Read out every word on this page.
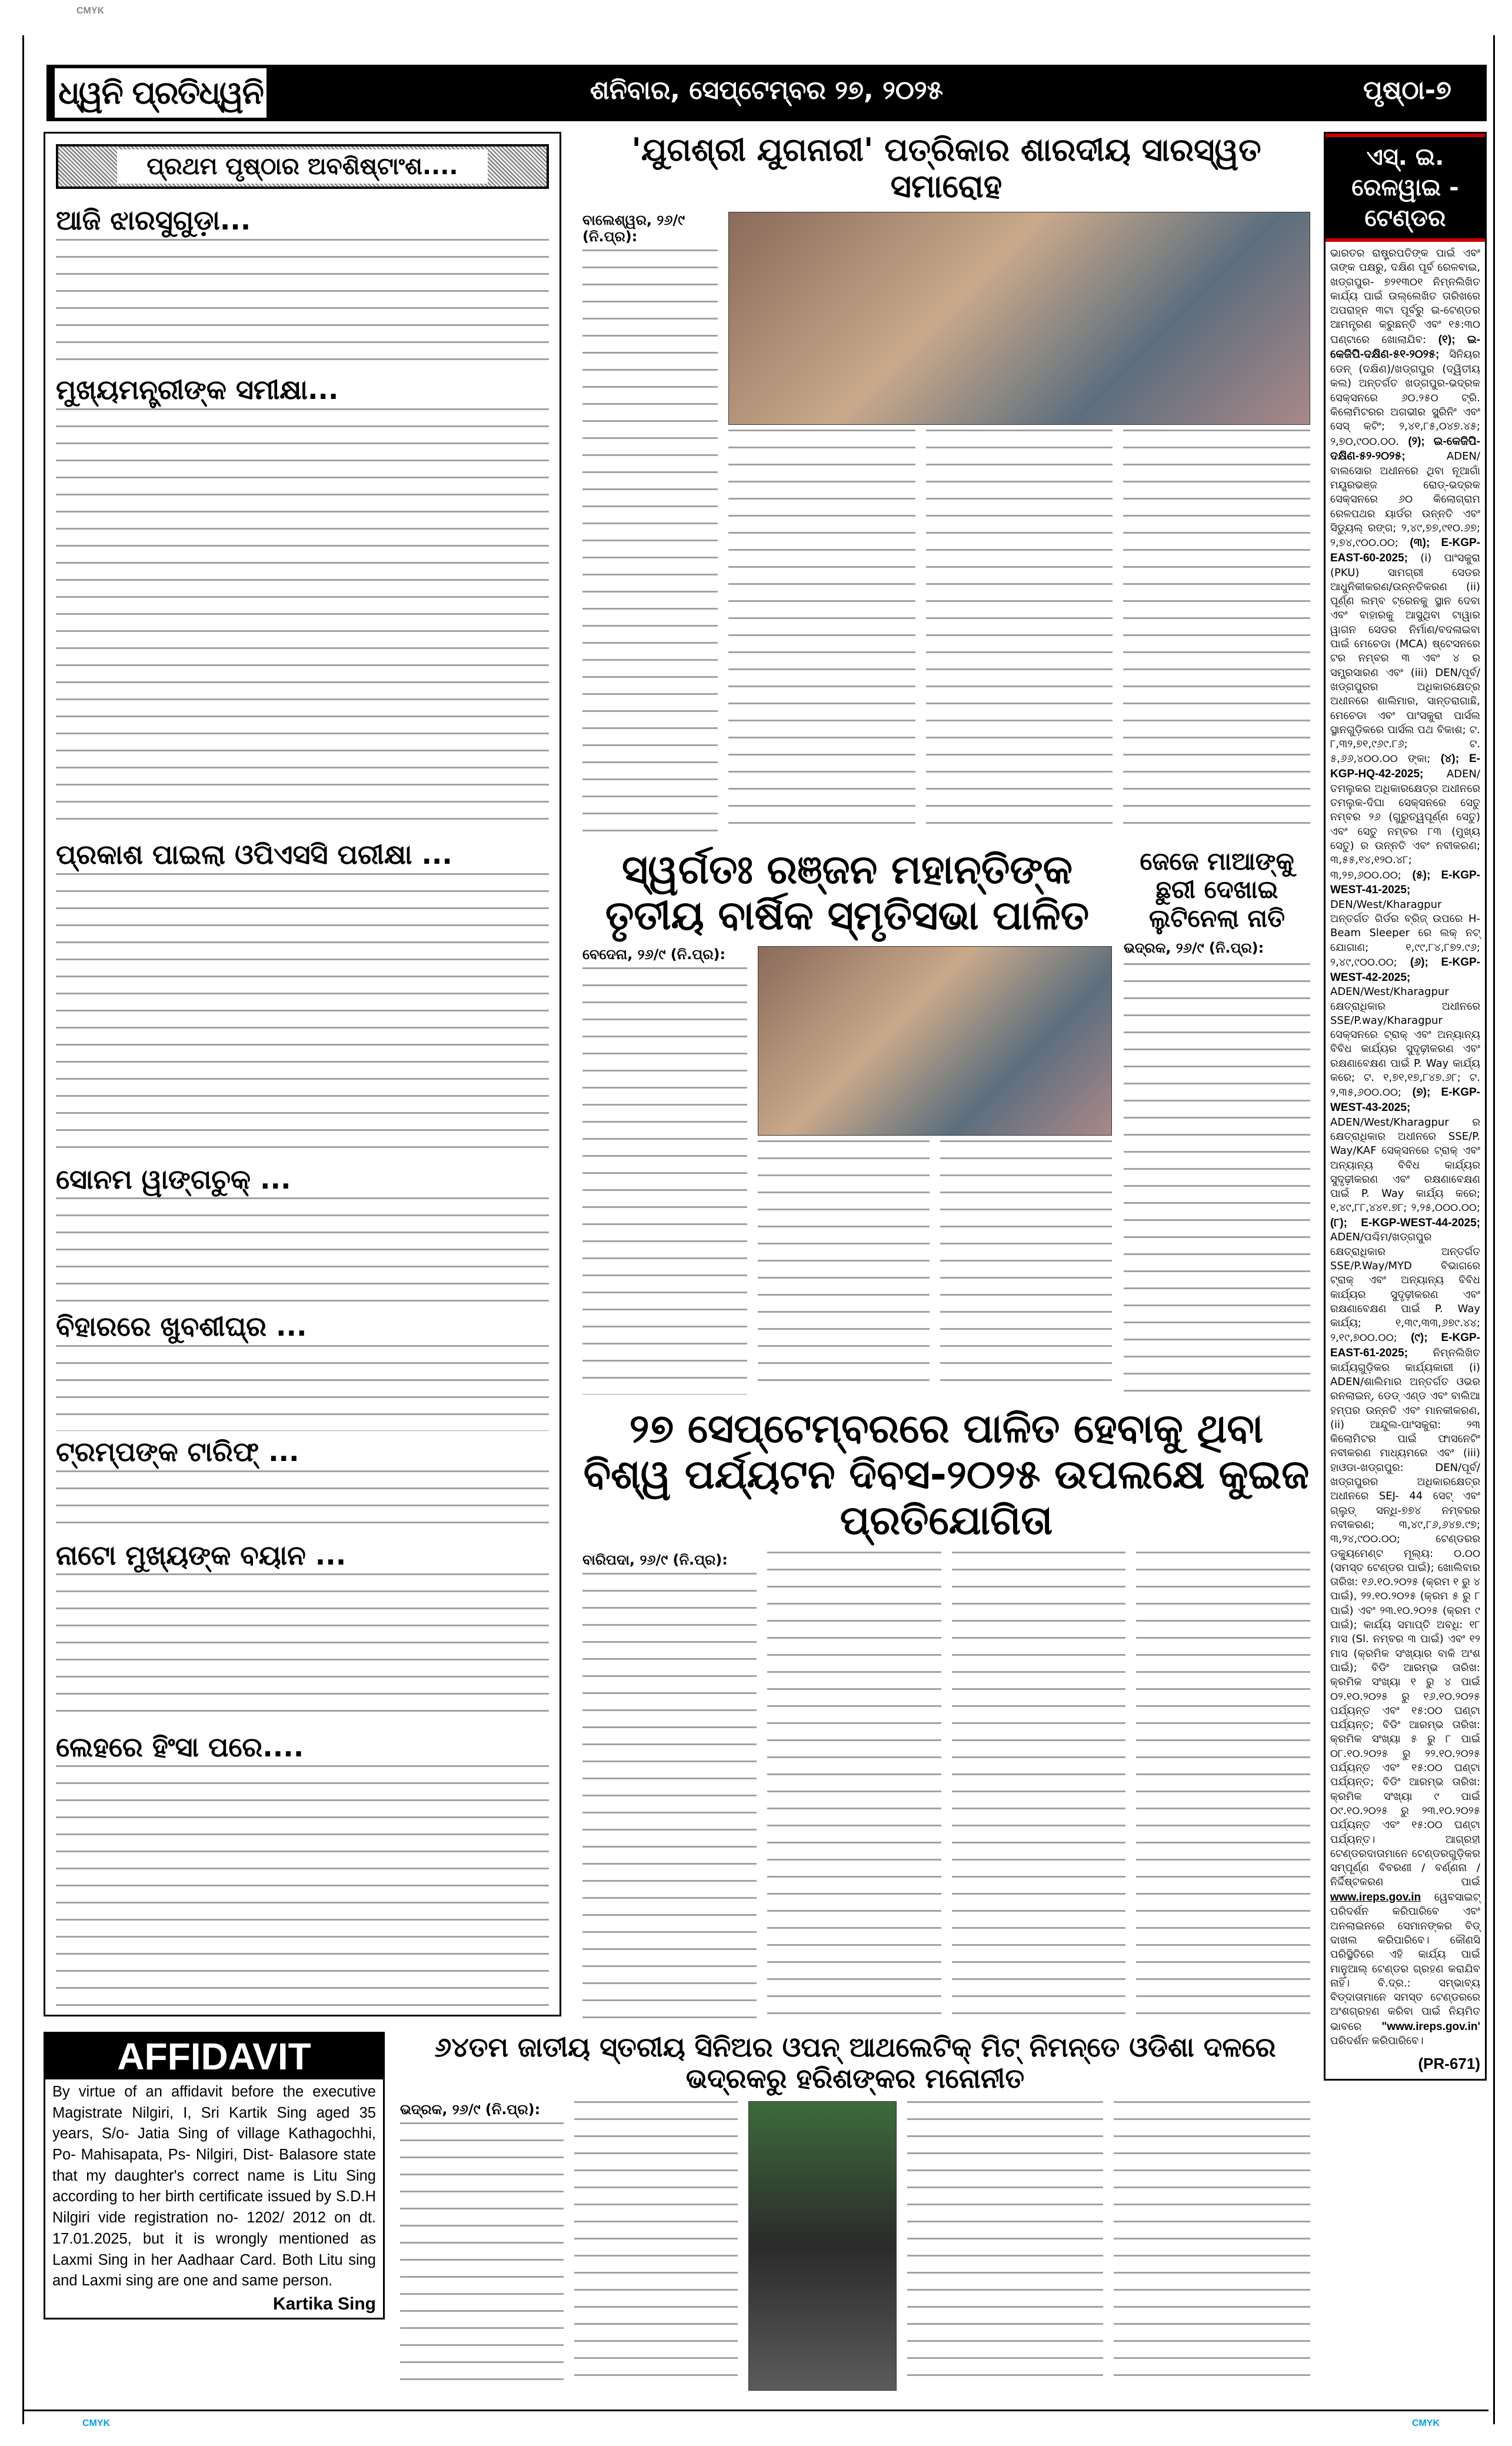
CMYK
CMYK	CMYK
ଧ୍ୱନି ପ୍ରତିଧ୍ୱନି	ଶନିବାର, ସେପ୍ଟେମ୍ବର ୨୭, ୨୦୨୫	ପୃଷ୍ଠା-୭
ପ୍ରଥମ ପୃଷ୍ଠାର ଅବଶିଷ୍ଟାଂଶ....
ଆଜି ଝାରସୁଗୁଡ଼ା...
ମୁଖ୍ୟମନ୍ତ୍ରୀଙ୍କ ସମୀକ୍ଷା...
ପ୍ରକାଶ ପାଇଲା ଓପିଏସସି ପରୀକ୍ଷା ...
ସୋନମ ୱାଙ୍ଗଚୁକ୍ ...
ବିହାରରେ ଖୁବଶୀଘ୍ର ...
ଟ୍ରମ୍ପଙ୍କ ଟାରିଫ୍ ...
ନାଟୋ ମୁଖ୍ୟଙ୍କ ବୟାନ ...
ଲେହରେ ହିଂସା ପରେ....
'ଯୁଗଶ୍ରୀ ଯୁଗନାରୀ' ପତ୍ରିକାର ଶାରଦୀୟ ସାରସ୍ୱତ ସମାରୋହ
ବାଲେଶ୍ୱର, ୨୬/୯ (ନି.ପ୍ର):
ସ୍ୱର୍ଗତଃ ରଞ୍ଜନ ମହାନ୍ତିଙ୍କ ତୃତୀୟ ବାର୍ଷିକ ସ୍ମୃତିସଭା ପାଳିତ
ବେଦେନା, ୨୬/୯ (ନି.ପ୍ର):
ଜେଜେ ମାଆଙ୍କୁ ଛୁରୀ ଦେଖାଇ ଲୁଟିନେଲା ନାତି
ଭଦ୍ରକ, ୨୬/୯ (ନି.ପ୍ର):
୨୭ ସେପ୍ଟେମ୍ବରରେ ପାଳିତ ହେବାକୁ ଥିବା ବିଶ୍ୱ ପର୍ଯ୍ୟଟନ ଦିବସ-୨୦୨୫ ଉପଲକ୍ଷେ କୁଇଜ ପ୍ରତିଯୋଗିତା
ବାରିପଦା, ୨୬/୯ (ନି.ପ୍ର):
AFFIDAVIT
By virtue of an affidavit before the executive Magistrate Nilgiri, I, Sri Kartik Sing aged 35 years, S/o- Jatia Sing of village Kathagochhi, Po- Mahisapata, Ps- Nilgiri, Dist- Balasore state that my daughter's correct name is Litu Sing according to her birth certificate issued by S.D.H Nilgiri vide registration no- 1202/ 2012 on dt. 17.01.2025, but it is wrongly mentioned as Laxmi Sing in her Aadhaar Card. Both Litu sing and Laxmi sing are one and same person.
Kartika Sing
୬୪ତମ ଜାତୀୟ ସ୍ତରୀୟ ସିନିଅର ଓପନ୍ ଆଥଲେଟିକ୍ ମିଟ୍ ନିମନ୍ତେ ଓଡିଶା ଦଳରେ ଭଦ୍ରକରୁ ହରିଶଙ୍କର ମନୋନୀତ
ଭଦ୍ରକ, ୨୬/୯ (ନି.ପ୍ର):
ଏସ୍. ଇ. ରେଳୱାଇ - ଟେଣ୍ଡର
ଭାରତର ରାଷ୍ଟ୍ରପତିଙ୍କ ପାଇଁ ଏବଂ ତାଙ୍କ ପକ୍ଷରୁ, ଦକ୍ଷିଣ ପୂର୍ବ ରେଳବାଇ, ଖଡ୍ଗପୁର- ୭୨୧୩୦୧ ନିମ୍ନଲିଖିତ କାର୍ଯ୍ୟ ପାଇଁ ଉଲ୍ଲେଖିତ ତାରିଖରେ ଅପରାହ୍ନ ୩ଟା ପୂର୍ବରୁ ଇ-ଟେଣ୍ଡର ଆମନ୍ତ୍ରଣ କରୁଛନ୍ତି ଏବଂ ୧୫:୩୦ ଘଣ୍ଟାରେ ଖୋଲାଯିବ: (୧); ଇ-କେଜିପି-ଦକ୍ଷିଣ-୫୧-୨୦୨୫; ସିନିୟର ଡେନ୍ (ଦକ୍ଷିଣ)/ଖଡ୍ଗପୁର (ଦ୍ୱିତୀୟ କଲ) ଅନ୍ତର୍ଗତ ଖଡ୍ଗପୁର-ଭଦ୍ରକ ସେକ୍ସନରେ ୬୦.୨୫୦ ଟ୍ରି. କିଲୋମିଟରର ଅଗଭୀର ସ୍କ୍ରିନିଂ ଏବଂ ସେସ୍ କଟିଂ; ୨,୪୧,୮୫,୦୪୭.୪୫; ୨,୭୦,୯୦୦.୦୦. (୨); ଇ-କେଜିପି-ଦକ୍ଷିଣ-୫୨-୨୦୨୫;	ADEN/ବାଲସୋର ଅଧୀନରେ ଥିବା ନୂଆଗାଁ ମୟୂରଭଞ୍ଜ ରୋଡ୍-ଭଦ୍ରକ ସେକ୍ସନରେ ୬୦ କିଲୋଗ୍ରାମ ରେଳପଥର ୟାର୍ଡର ଉନ୍ନତି ଏବଂ ସିଡ୍ୟୁଲ୍ ରଙ୍ଗ; ୨,୪୯,୭୭,୯୧୦.୬୭; ୨,୭୪,୯୦୦.୦୦; (୩); E-KGP-EAST-60-2025; (i) ପାଂସକୁରା (PKU) ସାମଗ୍ରୀ ସେଡର ଆଧୁନିକୀକରଣ/ଉନ୍ନତିକରଣ (ii) ପୂର୍ଣ୍ଣ ଲମ୍ବ ଟ୍ରେନକୁ ସ୍ଥାନ ଦେବା ଏବଂ ବାହାରକୁ ଆସୁଥିବା ଟାୱାର ୱାଗନ ସେଡର ନିର୍ମାଣ/ବଦଳାଇବା ପାଇଁ ମେଚେଡା (MCA) ଷ୍ଟେସନରେ ଟର ନମ୍ବର ୩ ଏବଂ ୪ ର ସମ୍ପ୍ରସାରଣ ଏବଂ (iii) DEN/ପୂର୍ବ/ଖଡ୍ଗପୁରର ଅଧିକାରକ୍ଷେତ୍ର ଅଧୀନରେ ଶାଲିମାର, ସାନ୍ତରାଗାଛି, ମେଚେଡା ଏବଂ ପାଂସକୁରା ପାର୍ସଲ ସ୍ଥାନଗୁଡ଼ିକରେ ପାର୍ସଲ ପଥ ବିକାଶ; ଟ. ୮,୩୨,୭୧,୯୬୯.୮୬; ଟ. ୫,୬୬,୪୦୦.୦୦ ଙ୍କା; (୪); E-KGP-HQ-42-2025; ADEN/ତମଲୁକର ଅଧିକାରକ୍ଷେତ୍ର ଅଧୀନରେ ତମଲୁକ-ଦିଘା ସେକ୍ସନରେ ସେତୁ ନମ୍ବର ୨୬ (ଗୁରୁତ୍ୱପୂର୍ଣ୍ଣ ସେତୁ) ଏବଂ ସେତୁ ନମ୍ବର ୮୩ (ମୁଖ୍ୟ ସେତୁ) ର ଉନ୍ନତି ଏବଂ ନବୀକରଣ; ୩,୫୫,୧୪,୧୨୦.୪୮; ୩,୨୭,୬୦୦.୦୦; (୫); E-KGP-WEST-41-2025; DEN/West/Kharagpur ଅନ୍ତର୍ଗତ ଗିର୍ଡର ବ୍ରିଜ୍ ଉପରେ H-Beam Sleeper ରେ ଲକ୍ ନଟ୍ ଯୋଗାଣ; ୧,୯୯,୮୪,୮୭୨.୯୬; ୨,୪୯,୯୦୦.୦୦; (୬); E-KGP-WEST-42-2025; ADEN/West/Kharagpur କ୍ଷେତ୍ରାଧିକାର ଅଧୀନରେ SSE/P.way/Kharagpur ସେକ୍ସନରେ ଟ୍ରାକ୍ ଏବଂ ଅନ୍ୟାନ୍ୟ ବିବିଧ କାର୍ଯ୍ୟର ସୁଦୃଢ଼ୀକରଣ ଏବଂ ରକ୍ଷଣାବେକ୍ଷଣ ପାଇଁ P. Way କାର୍ଯ୍ୟ କରେ; ଟ. ୧,୭୧,୧୭,୮୪୭.୬୮; ଟ. ୨,୩୫,୬୦୦.୦୦; (୭); E-KGP-WEST-43-2025; ADEN/West/Kharagpur ର କ୍ଷେତ୍ରାଧିକାର ଅଧୀନରେ SSE/P. Way/KAF ସେକ୍ସନରେ ଟ୍ରାକ୍ ଏବଂ ଅନ୍ୟାନ୍ୟ ବିବିଧ କାର୍ଯ୍ୟର ସୁଦୃଢ଼ୀକରଣ ଏବଂ ରକ୍ଷଣାବେକ୍ଷଣ ପାଇଁ P. Way କାର୍ଯ୍ୟ କରେ; ୧,୪୯,୮୮,୪୪୧.୭୮; ୨,୨୫,୦୦୦.୦୦; (୮); E-KGP-WEST-44-2025; ADEN/ପଶ୍ଚିମ/ଖଡ୍ଗପୁର କ୍ଷେତ୍ରାଧିକାର ଅନ୍ତର୍ଗତ SSE/P.Way/MYD ବିଭାଗରେ ଟ୍ରାକ୍ ଏବଂ ଅନ୍ୟାନ୍ୟ ବିବିଧ କାର୍ଯ୍ୟର ସୁଦୃଢ଼ୀକରଣ ଏବଂ ରକ୍ଷଣାବେକ୍ଷଣ ପାଇଁ P. Way କାର୍ଯ୍ୟ; ୧,୩୯,୩୩,୬୭୯.୪୪; ୨,୧୯,୭୦୦.୦୦; (୯); E-KGP-EAST-61-2025; ନିମ୍ନଲିଖିତ କାର୍ଯ୍ୟଗୁଡ଼ିକର କାର୍ଯ୍ୟକାରୀ (i) ADEN/ଶାଲିମାର ଅନ୍ତର୍ଗତ ଓଭର ରନଲାଇନ୍, ଡେଡ୍ ଏଣ୍ଡ ଏବଂ ବାଲିଆ ହମ୍ପର ଉନ୍ନତି ଏବଂ ମାନକୀକରଣ, (ii) ଆନ୍ଦୁଲ-ପାଂସକୁରା: ୨୩ କିଲୋମିଟର ପାଇଁ ଫାସନେଟିଂ ନବୀକରଣ ମାଧ୍ୟମରେ ଏବଂ (iii) ହାଓଡା-ଖଡ୍ଗପୁର: DEN/ପୂର୍ବ/ଖଡ୍ଗପୁରର ଅଧିକାରକ୍ଷେତ୍ର ଅଧୀନରେ SEJ- 44 ସେଟ୍ ଏବଂ ଗ୍ଲୁଡ୍ ସନ୍ଧି-୭୭୪ ନମ୍ବରର ନବୀକରଣ; ୩,୪୯,୮୬,୬୪୭.୯୭; ୩,୨୪,୯୦୦.୦୦;	ଟେଣ୍ଡରର ଡକ୍ୟୁମେଣ୍ଟ ମୂଲ୍ୟ: ୦.୦୦ (ସମସ୍ତ ଟେଣ୍ଡର ପାଇଁ); ଖୋଲିବାର ତାରିଖ: ୧୬.୧୦.୨୦୨୫ (କ୍ରମ ୧ ରୁ ୪ ପାଇଁ), ୨୨.୧୦.୨୦୨୫ (କ୍ରମ ୫ ରୁ ୮ ପାଇଁ) ଏବଂ ୨୩.୧୦.୨୦୨୫ (କ୍ରମ ୯ ପାଇଁ); କାର୍ଯ୍ୟ ସମାପ୍ତି ଅବଧି: ୧୮ ମାସ (Sl. ନମ୍ବର ୩ ପାଇଁ) ଏବଂ ୧୨ ମାସ (କ୍ରମିକ ସଂଖ୍ୟାର ବାକି ଅଂଶ ପାଇଁ); ବିଡିଂ ଆରମ୍ଭ ତାରିଖ: କ୍ରମିକ ସଂଖ୍ୟା ୧ ରୁ ୪ ପାଇଁ ୦୨.୧୦.୨୦୨୫ ରୁ ୧୬.୧୦.୨୦୨୫ ପର୍ଯ୍ୟନ୍ତ ଏବଂ ୧୫:୦୦ ଘଣ୍ଟା ପର୍ଯ୍ୟନ୍ତ; ବିଡିଂ ଆରମ୍ଭ ତାରିଖ: କ୍ରମିକ ସଂଖ୍ୟା ୫ ରୁ ୮ ପାଇଁ ୦୮.୧୦.୨୦୨୫ ରୁ ୨୨.୧୦.୨୦୨୫ ପର୍ଯ୍ୟନ୍ତ ଏବଂ ୧୫:୦୦ ଘଣ୍ଟା ପର୍ଯ୍ୟନ୍ତ; ବିଡିଂ ଆରମ୍ଭ ତାରିଖ: କ୍ରମିକ ସଂଖ୍ୟା ୯ ପାଇଁ ୦୯.୧୦.୨୦୨୫ ରୁ ୨୩.୧୦.୨୦୨୫ ପର୍ଯ୍ୟନ୍ତ ଏବଂ ୧୫:୦୦ ଘଣ୍ଟା ପର୍ଯ୍ୟନ୍ତ। ଆଗ୍ରହୀ ଟେଣ୍ଡରଦାତାମାନେ ଟେଣ୍ଡରଗୁଡ଼ିକର ସମ୍ପୂର୍ଣ୍ଣ ବିବରଣୀ / ବର୍ଣ୍ଣନା / ନିର୍ଦ୍ଦିଷ୍ଟକରଣ ପାଇଁ www.ireps.gov.in ୱେବସାଇଟ୍ ପରିଦର୍ଶନ କରିପାରିବେ ଏବଂ ଅନଲାଇନରେ ସେମାନଙ୍କର ବିଡ୍ ଦାଖଲ କରିପାରିବେ। କୌଣସି ପରିସ୍ଥିତିରେ ଏହି କାର୍ଯ୍ୟ ପାଇଁ ମାନୁଆଲ୍ ଟେଣ୍ଡର ଗ୍ରହଣ କରାଯିବ ନାହିଁ। ବି.ଦ୍ର.: ସମ୍ଭାବ୍ୟ ବିଡ୍‌ଦାତାମାନେ ସମସ୍ତ ଟେଣ୍ଡରରେ ଅଂଶଗ୍ରହଣ କରିବା ପାଇଁ ନିୟମିତ ଭାବରେ "www.ireps.gov.in' ପରିଦର୍ଶନ କରିପାରିବେ।
(PR-671)
